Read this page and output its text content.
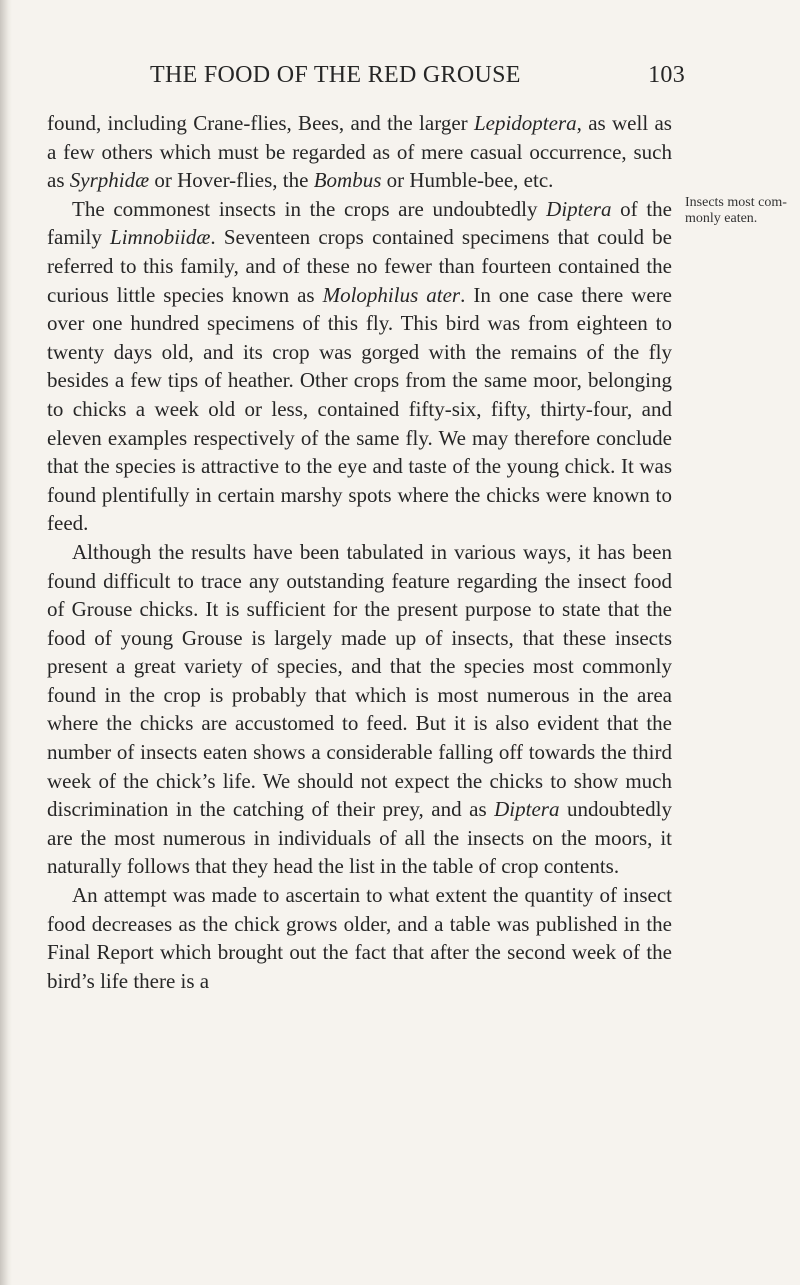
THE FOOD OF THE RED GROUSE	103
Insects most com- monly eaten.

found, including Crane-flies, Bees, and the larger Lepidoptera, as well as a few others which must be regarded as of mere casual occurrence, such as Syrphidæ or Hover-flies, the Bombus or Humble-bee, etc.

The commonest insects in the crops are undoubtedly Diptera of the family Limnobiidæ. Seventeen crops contained specimens that could be referred to this family, and of these no fewer than fourteen contained the curious little species known as Molophilus ater. In one case there were over one hundred specimens of this fly. This bird was from eighteen to twenty days old, and its crop was gorged with the remains of the fly besides a few tips of heather. Other crops from the same moor, belonging to chicks a week old or less, contained fifty-six, fifty, thirty-four, and eleven examples respectively of the same fly. We may therefore conclude that the species is attractive to the eye and taste of the young chick. It was found plentifully in certain marshy spots where the chicks were known to feed.

Although the results have been tabulated in various ways, it has been found difficult to trace any outstanding feature regarding the insect food of Grouse chicks. It is sufficient for the present purpose to state that the food of young Grouse is largely made up of insects, that these insects present a great variety of species, and that the species most commonly found in the crop is probably that which is most numerous in the area where the chicks are accustomed to feed. But it is also evident that the number of insects eaten shows a considerable falling off towards the third week of the chick’s life. We should not expect the chicks to show much discrimination in the catching of their prey, and as Diptera undoubtedly are the most numerous in individuals of all the insects on the moors, it naturally follows that they head the list in the table of crop contents.

An attempt was made to ascertain to what extent the quantity of insect food decreases as the chick grows older, and a table was published in the Final Report which brought out the fact that after the second week of the bird’s life there is a
